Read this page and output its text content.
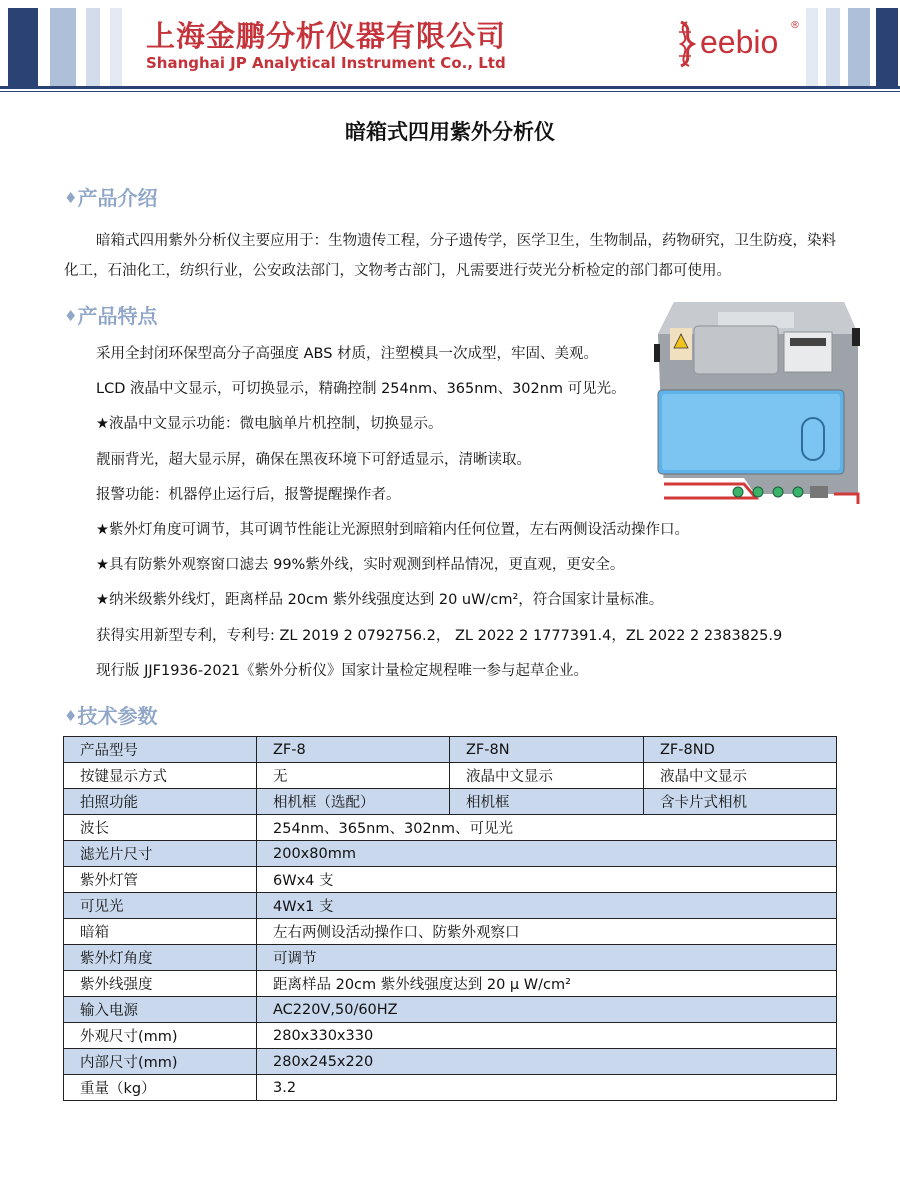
上海金鹏分析仪器有限公司
Shanghai JP Analytical Instrument Co., Ltd
eebio ®
暗箱式四用紫外分析仪
♦产品介绍
暗箱式四用紫外分析仪主要应用于：生物遗传工程，分子遗传学，医学卫生，生物制品，药物研究，卫生防疫，染料化工，石油化工，纺织行业，公安政法部门，文物考古部门，凡需要进行荧光分析检定的部门都可使用。
♦产品特点
采用全封闭环保型高分子高强度 ABS 材质，注塑模具一次成型，牢固、美观。
LCD 液晶中文显示，可切换显示，精确控制 254nm、365nm、302nm 可见光。
★液晶中文显示功能：微电脑单片机控制，切换显示。
靓丽背光，超大显示屏，确保在黑夜环境下可舒适显示，清晰读取。
报警功能：机器停止运行后，报警提醒操作者。
★紫外灯角度可调节，其可调节性能让光源照射到暗箱内任何位置，左右两侧设活动操作口。
★具有防紫外观察窗口滤去 99%紫外线，实时观测到样品情况，更直观，更安全。
★纳米级紫外线灯，距离样品 20cm 紫外线强度达到 20 uW/cm²，符合国家计量标准。
获得实用新型专利，专利号: ZL 2019 2 0792756.2， ZL 2022 2 1777391.4，ZL 2022 2 2383825.9
现行版 JJF1936-2021《紫外分析仪》国家计量检定规程唯一参与起草企业。
♦技术参数
产品型号	ZF-8	ZF-8N	ZF-8ND
按键显示方式	无	液晶中文显示	液晶中文显示
拍照功能	相机框（选配）	相机框	含卡片式相机
波长	254nm、365nm、302nm、可见光		
滤光片尺寸	200x80mm		
紫外灯管	6Wx4 支		
可见光	4Wx1 支		
暗箱	左右两侧设活动操作口、防紫外观察口		
紫外灯角度	可调节		
紫外线强度	距离样品 20cm 紫外线强度达到 20 μ W/cm²		
输入电源	AC220V,50/60HZ		
外观尺寸(mm)	280x330x330		
内部尺寸(mm)	280x245x220		
重量（kg）	3.2		
